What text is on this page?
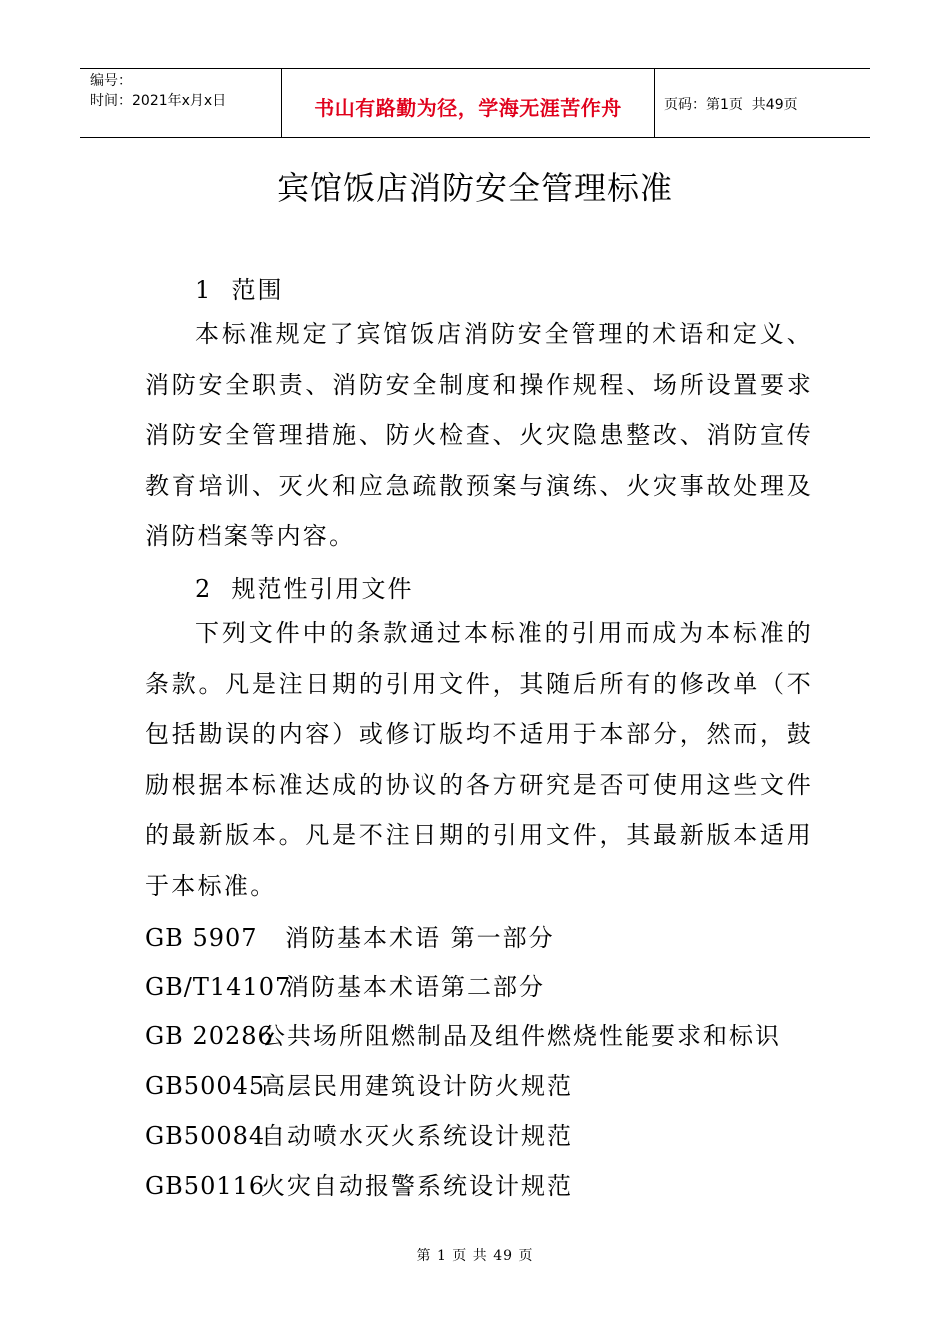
编号：
时间：2021年x月x日	书山有路勤为径，学海无涯苦作舟	页码：第1页  共49页
宾馆饭店消防安全管理标准
1  范围
本标准规定了宾馆饭店消防安全管理的术语和定义、消防安全职责、消防安全制度和操作规程、场所设置要求消防安全管理措施、防火检查、火灾隐患整改、消防宣传教育培训、灭火和应急疏散预案与演练、火灾事故处理及消防档案等内容。
2  规范性引用文件
下列文件中的条款通过本标准的引用而成为本标准的条款。凡是注日期的引用文件，其随后所有的修改单（不包括勘误的内容）或修订版均不适用于本部分，然而，鼓励根据本标准达成的协议的各方研究是否可使用这些文件的最新版本。凡是不注日期的引用文件，其最新版本适用于本标准。
GB 5907 消防基本术语 第一部分
GB/T14107消防基本术语第二部分
GB 20286公共场所阻燃制品及组件燃烧性能要求和标识
GB50045高层民用建筑设计防火规范
GB50084自动喷水灭火系统设计规范
GB50116火灾自动报警系统设计规范
第 1 页 共 49 页
